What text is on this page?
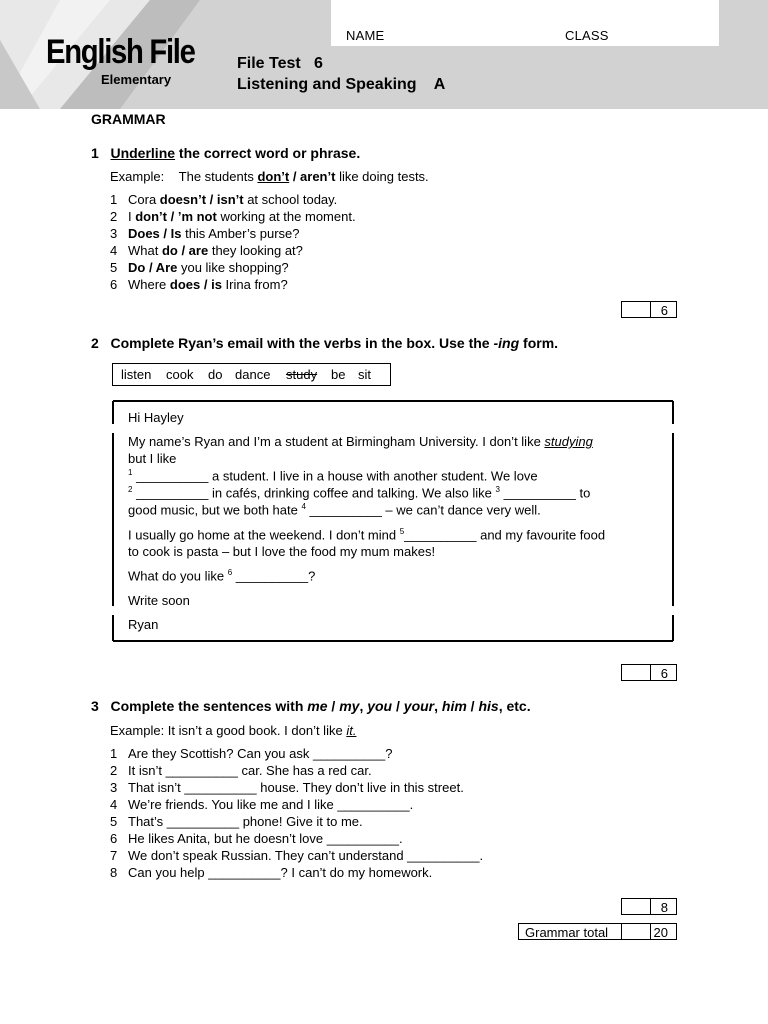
English File
Elementary
NAME	CLASS
File Test   6
Listening and Speaking    A
GRAMMAR
1 Underline the correct word or phrase.
Example: The students don’t / aren’t like doing tests.
1 Cora doesn’t / isn’t at school today.
2 I don’t / ’m not working at the moment.
3 Does / Is this Amber’s purse?
4 What do / are they looking at?
5 Do / Are you like shopping?
6 Where does / is Irina from?
6
2 Complete Ryan’s email with the verbs in the box. Use the -ing form.
listen cook do dance study be sit
Hi Hayley
My name’s Ryan and I’m a student at Birmingham University. I don’t like studying
but I like
$^1$ __________ a student. I live in a house with another student. We love
$^2$ __________ in cafés, drinking coffee and talking. We also like $^3$ __________ to
good music, but we both hate $^4$ __________ – we can’t dance very well.
I usually go home at the weekend. I don’t mind $^5$__________ and my favourite food
to cook is pasta – but I love the food my mum makes!
What do you like $^6$ __________?
Write soon
Ryan
6
3 Complete the sentences with me / my, you / your, him / his, etc.
Example: It isn’t a good book. I don’t like it.
1 Are they Scottish? Can you ask __________?
2 It isn’t __________ car. She has a red car.
3 That isn’t __________ house. They don’t live in this street.
4 We’re friends. You like me and I like __________.
5 That’s __________ phone! Give it to me.
6 He likes Anita, but he doesn’t love __________.
7 We don’t speak Russian. They can’t understand __________.
8 Can you help __________? I can’t do my homework.
8
Grammar total	20
